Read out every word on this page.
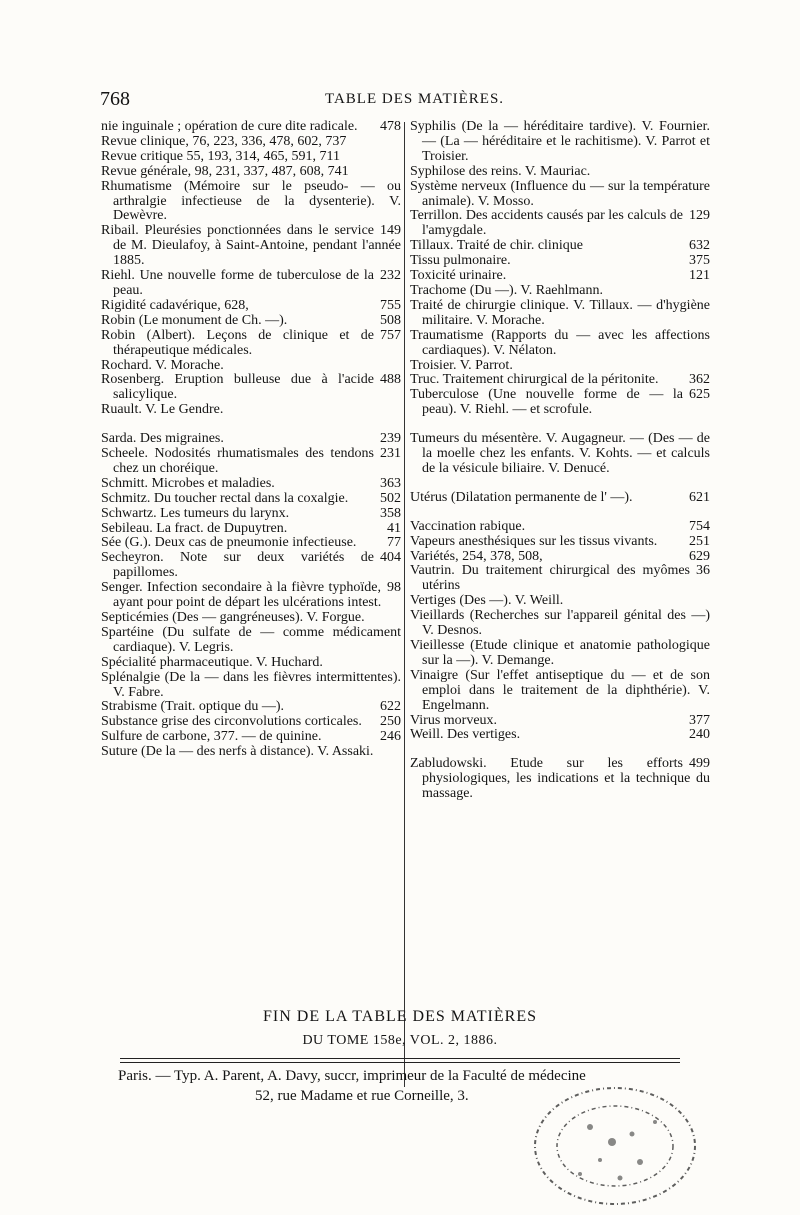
768	TABLE DES MATIÈRES.

478
nie inguinale ; opération de cure dite radicale.

Revue clinique, 76, 223, 336, 478, 602, 737

Revue critique 55, 193, 314, 465, 591, 711

Revue générale, 98, 231, 337, 487, 608, 741

Rhumatisme (Mémoire sur le pseudo- — ou arthralgie infectieuse de la dysenterie). V. Dewèvre.

149
Ribail. Pleurésies ponctionnées dans le service de M. Dieulafoy, à Saint-Antoine, pendant l'année 1885.

232
Riehl. Une nouvelle forme de tuberculose de la peau.

755
Rigidité cadavérique, 628,

508
Robin (Le monument de Ch. —).

757
Robin (Albert). Leçons de clinique et de thérapeutique médicales.

Rochard. V. Morache.

488
Rosenberg. Eruption bulleuse due à l'acide salicylique.

Ruault. V. Le Gendre.

239
Sarda. Des migraines.

231
Scheele. Nodosités rhumatismales des tendons chez un choréique.

363
Schmitt. Microbes et maladies.

502
Schmitz. Du toucher rectal dans la coxalgie.

358
Schwartz. Les tumeurs du larynx.

41
Sebileau. La fract. de Dupuytren.

77
Sée (G.). Deux cas de pneumonie infectieuse.

404
Secheyron. Note sur deux variétés de papillomes.

98
Senger. Infection secondaire à la fièvre typhoïde, ayant pour point de départ les ulcérations intest.

Septicémies (Des — gangréneuses). V. Forgue.

Spartéine (Du sulfate de — comme médicament cardiaque). V. Legris.

Spécialité pharmaceutique. V. Huchard.

Splénalgie (De la — dans les fièvres intermittentes). V. Fabre.

622
Strabisme (Trait. optique du —).

250
Substance grise des circonvolutions corticales.

246
Sulfure de carbone, 377. — de quinine.

Suture (De la — des nerfs à distance). V. Assaki.

Syphilis (De la — héréditaire tardive). V. Fournier. — (La — héréditaire et le rachitisme). V. Parrot et Troisier.

Syphilose des reins. V. Mauriac.

Système nerveux (Influence du — sur la température animale). V. Mosso.

129
Terrillon. Des accidents causés par les calculs de l'amygdale.

632
Tillaux. Traité de chir. clinique

375
Tissu pulmonaire.

121
Toxicité urinaire.

Trachome (Du —). V. Raehlmann.

Traité de chirurgie clinique. V. Tillaux. — d'hygiène militaire. V. Morache.

Traumatisme (Rapports du — avec les affections cardiaques). V. Nélaton.

Troisier. V. Parrot.

362
Truc. Traitement chirurgical de la péritonite.

625
Tuberculose (Une nouvelle forme de — la peau). V. Riehl. — et scrofule.

Tumeurs du mésentère. V. Augagneur. — (Des — de la moelle chez les enfants. V. Kohts. — et calculs de la vésicule biliaire. V. Denucé.

621
Utérus (Dilatation permanente de l' —).

754
Vaccination rabique.

251
Vapeurs anesthésiques sur les tissus vivants.

629
Variétés, 254, 378, 508,

36
Vautrin. Du traitement chirurgical des myômes utérins

Vertiges (Des —). V. Weill.

Vieillards (Recherches sur l'appareil génital des —) V. Desnos.

Vieillesse (Etude clinique et anatomie pathologique sur la —). V. Demange.

Vinaigre (Sur l'effet antiseptique du — et de son emploi dans le traitement de la diphthérie). V. Engelmann.

377
Virus morveux.

240
Weill. Des vertiges.

499
Zabludowski. Etude sur les efforts physiologiques, les indications et la technique du massage.

FIN DE LA TABLE DES MATIÈRES
DU TOME 158e, VOL. 2, 1886.
Paris. — Typ. A. Parent, A. Davy, succr, imprimeur de la Faculté de médecine
52, rue Madame et rue Corneille, 3.
